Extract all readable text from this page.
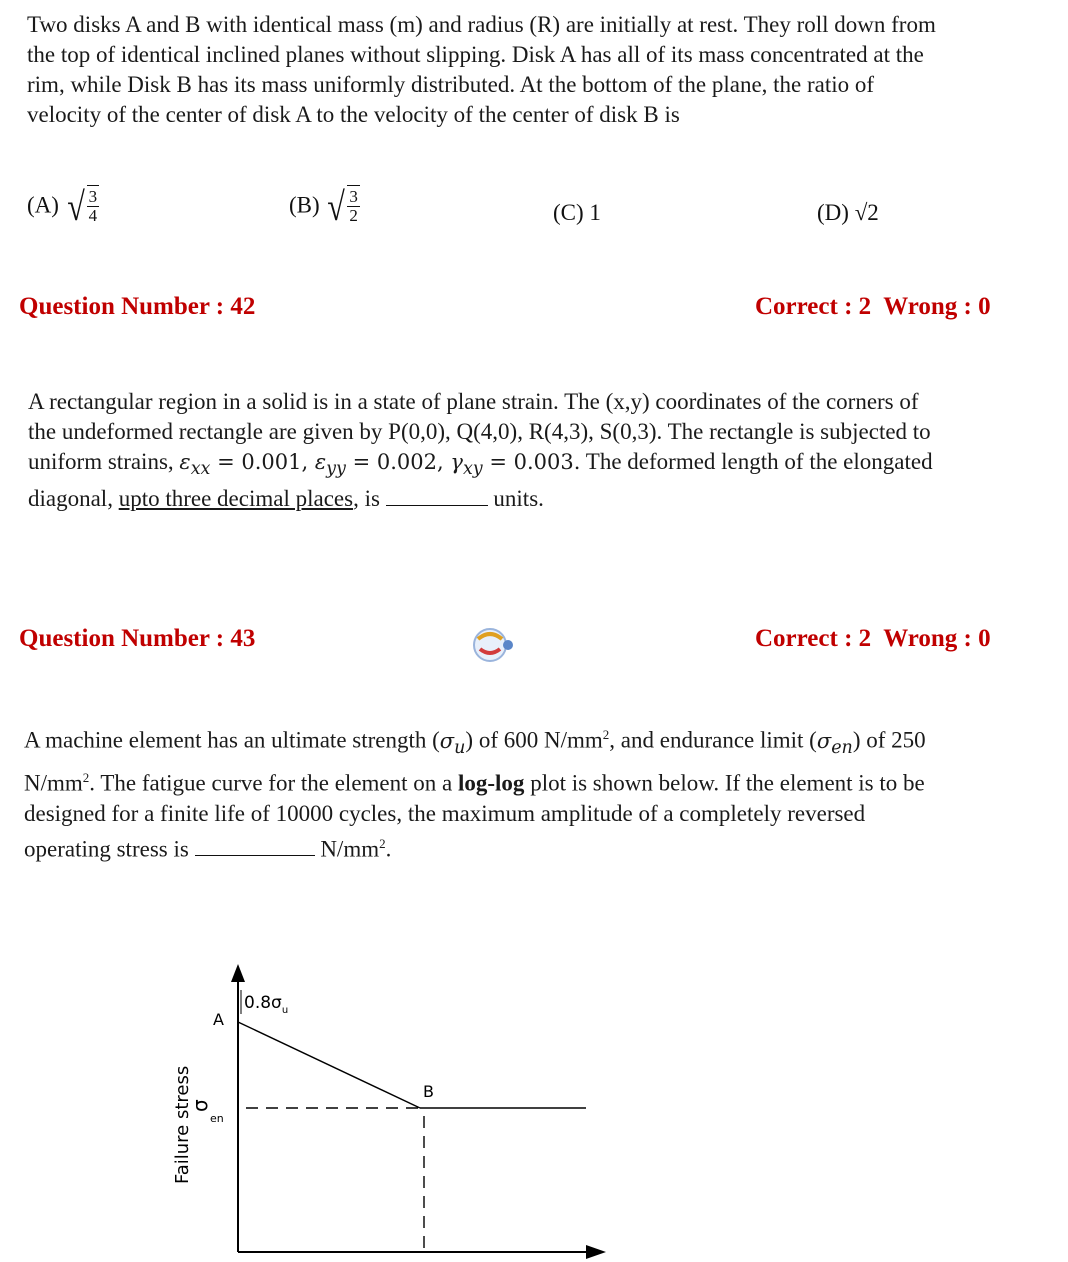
Two disks A and B with identical mass (m) and radius (R) are initially at rest. They roll down from
the top of identical inclined planes without slipping. Disk A has all of its mass concentrated at the
rim, while Disk B has its mass uniformly distributed. At the bottom of the plane, the ratio of
velocity of the center of disk A to the velocity of the center of disk B is
(A) √ $\frac{3}{4}$	(B) √ $\frac{3}{2}$	(C) 1	(D) √2
Question Number : 42	Correct : 2 Wrong : 0
A rectangular region in a solid is in a state of plane strain. The (x,y) coordinates of the corners of
the undeformed rectangle are given by P(0,0), Q(4,0), R(4,3), S(0,3). The rectangle is subjected to
uniform strains, $\varepsilon_{xx} = 0.001$, $\varepsilon_{yy} = 0.002$, $\gamma_{xy} = 0.003$. The deformed length of the elongated
diagonal, upto three decimal places, is	units.
Question Number : 43	Correct : 2 Wrong : 0
A machine element has an ultimate strength $(\sigma_u)$ of 600 $N/mm^2$, and endurance limit $(\sigma_{en})$ of 250
$N/mm^2$. The fatigue curve for the element on a log-log plot is shown below. If the element is to be
designed for a finite life of 10000 cycles, the maximum amplitude of a completely reversed
operating stress is	$N/mm^2$.
A
B
$0.8\sigma_u$
σ
en
Failure stress
